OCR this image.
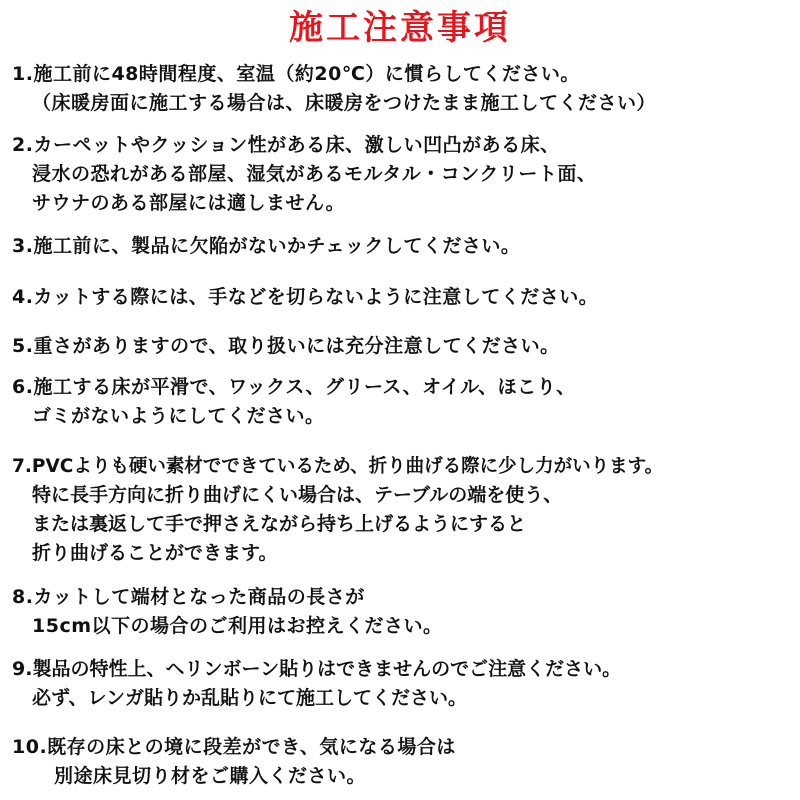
施工注意事項
1.施工前に48時間程度、室温（約20℃）に慣らしてください。
（床暖房面に施工する場合は、床暖房をつけたまま施工してください）
2.カーペットやクッション性がある床、激しい凹凸がある床、
浸水の恐れがある部屋、湿気があるモルタル・コンクリート面、
サウナのある部屋には適しません。
3.施工前に、製品に欠陥がないかチェックしてください。
4.カットする際には、手などを切らないように注意してください。
5.重さがありますので、取り扱いには充分注意してください。
6.施工する床が平滑で、ワックス、グリース、オイル、ほこり、
ゴミがないようにしてください。
7.PVCよりも硬い素材でできているため、折り曲げる際に少し力がいります。
特に長手方向に折り曲げにくい場合は、テーブルの端を使う、
または裏返して手で押さえながら持ち上げるようにすると
折り曲げることができます。
8.カットして端材となった商品の長さが
15cm以下の場合のご利用はお控えください。
9.製品の特性上、ヘリンボーン貼りはできませんのでご注意ください。
必ず、レンガ貼りか乱貼りにて施工してください。
10.既存の床との境に段差ができ、気になる場合は
別途床見切り材をご購入ください。
